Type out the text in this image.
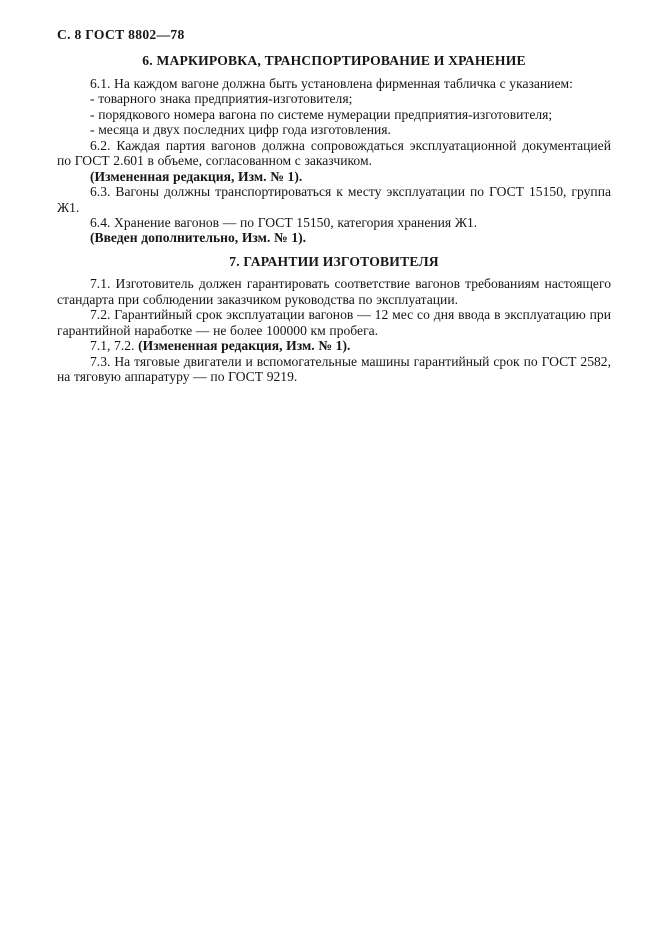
С. 8 ГОСТ 8802—78
6. МАРКИРОВКА, ТРАНСПОРТИРОВАНИЕ И ХРАНЕНИЕ

6.1. На каждом вагоне должна быть установлена фирменная табличка с указанием:

- товарного знака предприятия-изготовителя;

- порядкового номера вагона по системе нумерации предприятия-изготовителя;

- месяца и двух последних цифр года изготовления.

6.2. Каждая партия вагонов должна сопровождаться эксплуатационной документацией по ГОСТ 2.601 в объеме, согласованном с заказчиком.

(Измененная редакция, Изм. № 1).

6.3. Вагоны должны транспортироваться к месту эксплуатации по ГОСТ 15150, группа Ж1.

6.4. Хранение вагонов — по ГОСТ 15150, категория хранения Ж1.

(Введен дополнительно, Изм. № 1).

7. ГАРАНТИИ ИЗГОТОВИТЕЛЯ

7.1. Изготовитель должен гарантировать соответствие вагонов требованиям настоящего стандарта при соблюдении заказчиком руководства по эксплуатации.

7.2. Гарантийный срок эксплуатации вагонов — 12 мес со дня ввода в эксплуатацию при гарантийной наработке — не более 100000 км пробега.

7.1, 7.2. (Измененная редакция, Изм. № 1).

7.3. На тяговые двигатели и вспомогательные машины гарантийный срок по ГОСТ 2582, на тяговую аппаратуру — по ГОСТ 9219.
